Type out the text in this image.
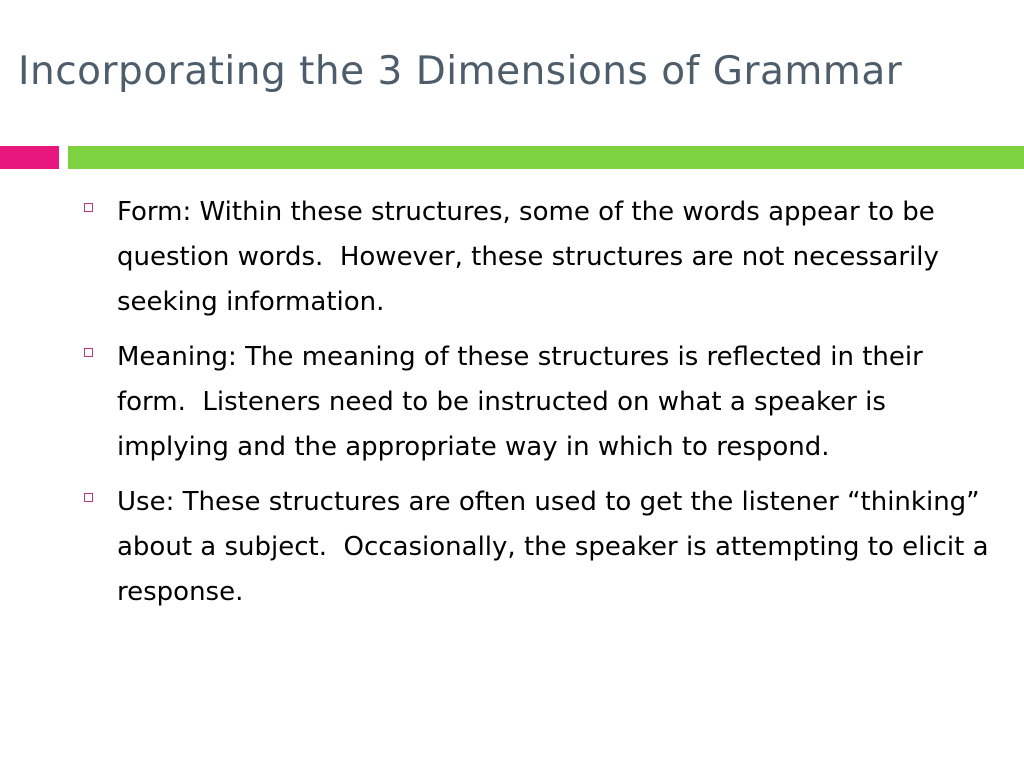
Incorporating the 3 Dimensions of Grammar
Form: Within these structures, some of the words appear to be question words.  However, these structures are not necessarily seeking information.
Meaning: The meaning of these structures is reflected in their form.  Listeners need to be instructed on what a speaker is implying and the appropriate way in which to respond.
Use: These structures are often used to get the listener “thinking” about a subject.  Occasionally, the speaker is attempting to elicit a response.
